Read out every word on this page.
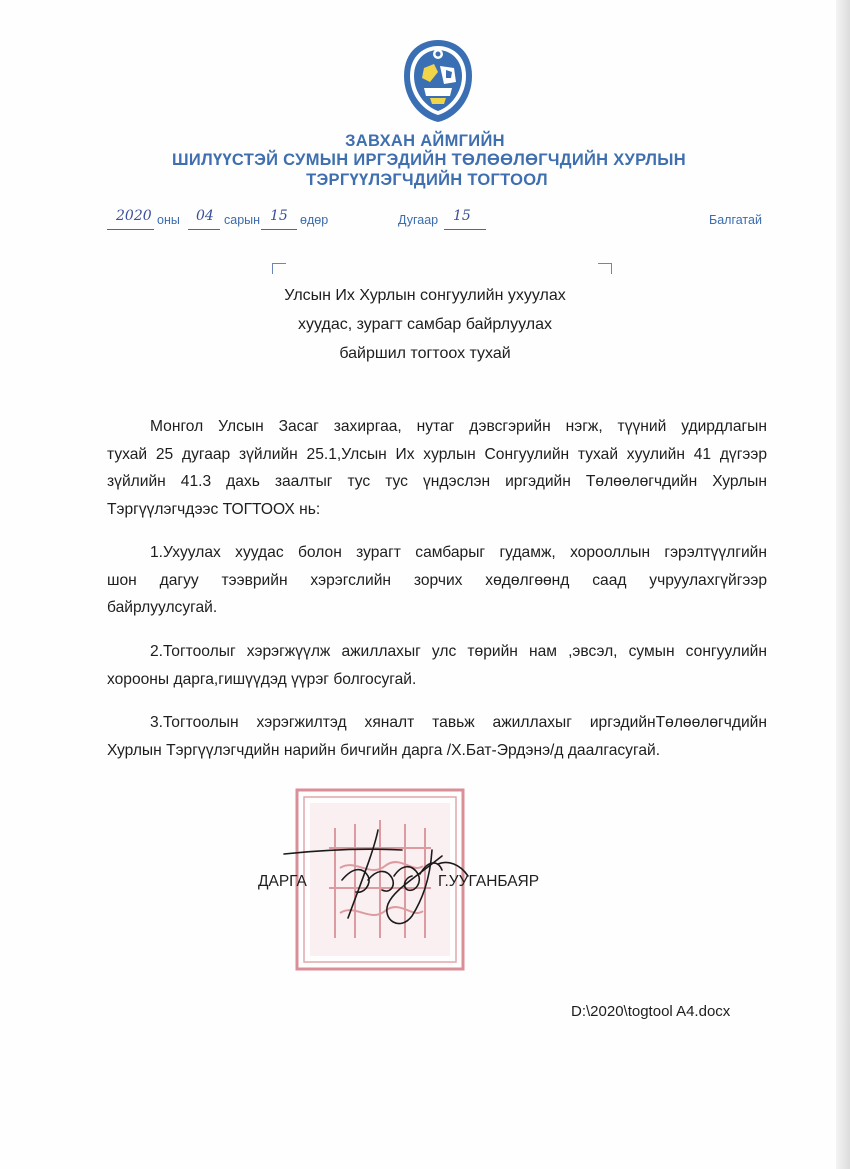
ЗАВХАН АЙМГИЙН
ШИЛҮҮСТЭЙ СУМЫН ИРГЭДИЙН ТӨЛӨӨЛӨГЧДИЙН ХУРЛЫН
ТЭРГҮҮЛЭГЧДИЙН ТОГТООЛ
2020 оны 04 сарын 15 өдөр	Дугаар 15	Балгатай
Улсын Их Хурлын сонгуулийн ухуулах
хуудас, зурагт самбар байрлуулах
байршил тогтоох тухай
Монгол Улсын Засаг захиргаа, нутаг дэвсгэрийн нэгж, түүний удирдлагын
тухай 25 дугаар зүйлийн 25.1,Улсын Их хурлын Сонгуулийн тухай хуулийн 41 дүгээр
зүйлийн 41.3 дахь заалтыг тус тус үндэслэн иргэдийн Төлөөлөгчдийн Хурлын
Тэргүүлэгчдээс ТОГТООХ нь:
1.Ухуулах хуудас болон зурагт самбарыг гудамж, хорооллын гэрэлтүүлгийн
шон дагуу тээврийн хэрэгслийн зорчих хөдөлгөөнд саад учруулахгүйгээр
байрлуулсугай.
2.Тогтоолыг хэрэгжүүлж ажиллахыг улс төрийн нам ,эвсэл, сумын сонгуулийн
хорооны дарга,гишүүдэд үүрэг болгосугай.
3.Тогтоолын хэрэгжилтэд хяналт тавьж ажиллахыг иргэдийнТөлөөлөгчдийн
Хурлын Тэргүүлэгчдийн нарийн бичгийн дарга /Х.Бат-Эрдэнэ/д даалгасугай.
ДАРГА	Г.УУГАНБАЯР
D:\2020\togtool A4.docx
